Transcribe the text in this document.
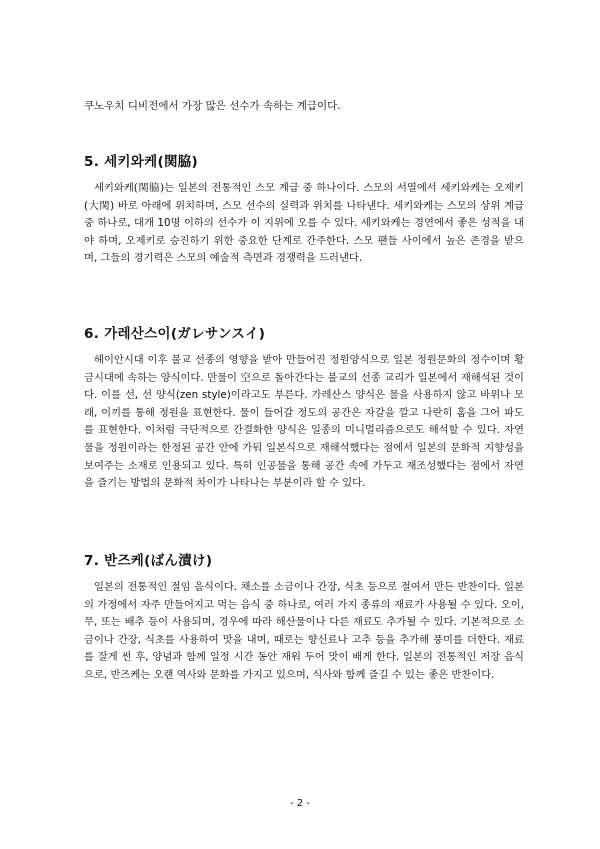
쿠노우치 디비전에서 가장 많은 선수가 속하는 계급이다.
5. 세키와케(関脇)

세키와케(関脇)는 일본의 전통적인 스모 계급 중 하나이다. 스모의 서열에서 세키와케는 오제키(大関) 바로 아래에 위치하며, 스모 선수의 실력과 위치를 나타낸다. 세키와케는 스모의 상위 계급 중 하나로, 대개 10명 이하의 선수가 이 지위에 오를 수 있다. 세키와케는 경연에서 좋은 성적을 내야 하며, 오제키로 승진하기 위한 중요한 단계로 간주한다. 스모 팬들 사이에서 높은 존경을 받으며, 그들의 경기력은 스모의 예술적 측면과 경쟁력을 드러낸다.

6. 가레산스이(ガレサンスイ)

헤이안시대 이후 불교 선종의 영향을 받아 만들어진 정원양식으로 일본 정원문화의 정수이며 황금시대에 속하는 양식이다. 만물이 空으로 돌아간다는 불교의 선종 교리가 일본에서 재해석된 것이다. 이를 선, 선 양식(zen style)이라고도 부른다. 가레산스 양식은 물을 사용하지 않고 바위나 모래, 이끼를 통해 정원을 표현한다. 물이 들어갈 정도의 공간은 자갈을 깔고 나란히 홈을 그어 파도를 표현한다. 이처럼 극단적으로 간결화한 양식은 일종의 미니멀리즘으로도 해석할 수 있다. 자연물을 정원이라는 한정된 공간 안에 가둬 일본식으로 재해석했다는 점에서 일본의 문화적 지향성을 보여주는 소재로 인용되고 있다. 특히 인공물을 통해 공간 속에 가두고 재조성했다는 점에서 자연을 즐기는 방법의 문화적 차이가 나타나는 부분이라 할 수 있다.

7. 반즈케(ばん漬け)

일본의 전통적인 절임 음식이다. 채소를 소금이나 간장, 식초 등으로 절여서 만든 반찬이다. 일본의 가정에서 자주 만들어지고 먹는 음식 중 하나로, 여러 가지 종류의 재료가 사용될 수 있다. 오이, 무, 또는 배추 등이 사용되며, 경우에 따라 해산물이나 다른 재료도 추가될 수 있다. 기본적으로 소금이나 간장, 식초를 사용하여 맛을 내며, 때로는 향신료나 고추 등을 추가해 풍미를 더한다. 재료를 잘게 썬 후, 양념과 함께 일정 시간 동안 재워 두어 맛이 배게 한다. 일본의 전통적인 저장 음식으로, 반즈케는 오랜 역사와 문화를 가지고 있으며, 식사와 함께 즐길 수 있는 좋은 반찬이다.

- 2 -
